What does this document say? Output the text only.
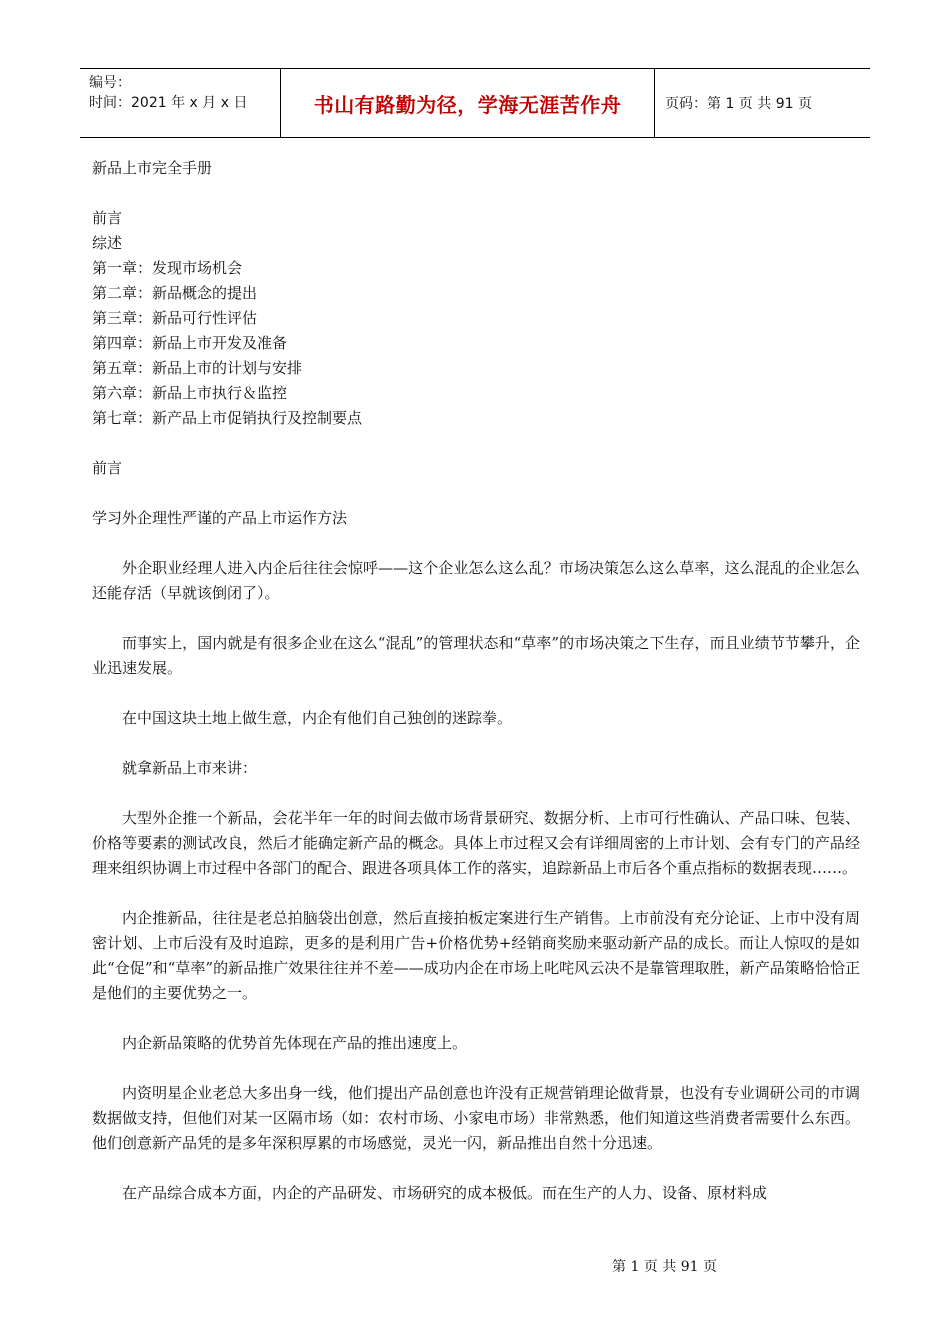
编号：
时间：2021 年 x 月 x 日	书山有路勤为径，学海无涯苦作舟	页码：第 1 页 共 91 页

新品上市完全手册

前言

综述

第一章：发现市场机会

第二章：新品概念的提出

第三章：新品可行性评估

第四章：新品上市开发及准备

第五章：新品上市的计划与安排

第六章：新品上市执行＆监控

第七章：新产品上市促销执行及控制要点

前言

学习外企理性严谨的产品上市运作方法

外企职业经理人进入内企后往往会惊呼——这个企业怎么这么乱？市场决策怎么这么草率，这么混乱的企业怎么还能存活（早就该倒闭了）。

而事实上，国内就是有很多企业在这么“混乱”的管理状态和“草率”的市场决策之下生存，而且业绩节节攀升，企业迅速发展。

在中国这块土地上做生意，内企有他们自己独创的迷踪拳。

就拿新品上市来讲：

大型外企推一个新品，会花半年一年的时间去做市场背景研究、数据分析、上市可行性确认、产品口味、包装、价格等要素的测试改良，然后才能确定新产品的概念。具体上市过程又会有详细周密的上市计划、会有专门的产品经理来组织协调上市过程中各部门的配合、跟进各项具体工作的落实，追踪新品上市后各个重点指标的数据表现……。

内企推新品，往往是老总拍脑袋出创意，然后直接拍板定案进行生产销售。上市前没有充分论证、上市中没有周密计划、上市后没有及时追踪，更多的是利用广告+价格优势+经销商奖励来驱动新产品的成长。而让人惊叹的是如此“仓促”和“草率”的新品推广效果往往并不差——成功内企在市场上叱咤风云决不是靠管理取胜，新产品策略恰恰正是他们的主要优势之一。

内企新品策略的优势首先体现在产品的推出速度上。

内资明星企业老总大多出身一线，他们提出产品创意也许没有正规营销理论做背景，也没有专业调研公司的市调数据做支持，但他们对某一区隔市场（如：农村市场、小家电市场）非常熟悉，他们知道这些消费者需要什么东西。他们创意新产品凭的是多年深积厚累的市场感觉，灵光一闪，新品推出自然十分迅速。

在产品综合成本方面，内企的产品研发、市场研究的成本极低。而在生产的人力、设备、原材料成

第 1 页 共 91 页
